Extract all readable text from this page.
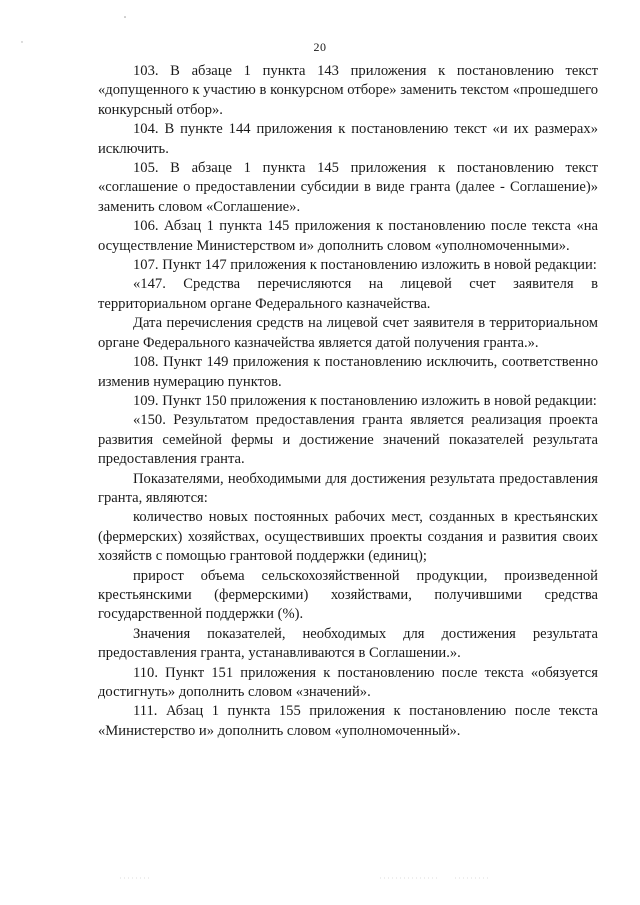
20

103. В абзаце 1 пункта 143 приложения к постановлению текст «допущенного к участию в конкурсном отборе» заменить текстом «прошедшего конкурсный отбор».

104. В пункте 144 приложения к постановлению текст «и их размерах» исключить.

105. В абзаце 1 пункта 145 приложения к постановлению текст «соглашение о предоставлении субсидии в виде гранта (далее - Соглашение)» заменить словом «Соглашение».

106. Абзац 1 пункта 145 приложения к постановлению после текста «на осуществление Министерством и» дополнить словом «уполномоченными».

107. Пункт 147 приложения к постановлению изложить в новой редакции:

«147. Средства перечисляются на лицевой счет заявителя в территориальном органе Федерального казначейства.

Дата перечисления средств на лицевой счет заявителя в территориальном органе Федерального казначейства является датой получения гранта.».

108. Пункт 149 приложения к постановлению исключить, соответственно изменив нумерацию пунктов.

109. Пункт 150 приложения к постановлению изложить в новой редакции:

«150. Результатом предоставления гранта является реализация проекта развития семейной фермы и достижение значений показателей результата предоставления гранта.

Показателями, необходимыми для достижения результата предоставления гранта, являются:

количество новых постоянных рабочих мест, созданных в крестьянских (фермерских) хозяйствах, осуществивших проекты создания и развития своих хозяйств с помощью грантовой поддержки (единиц);

прирост объема сельскохозяйственной продукции, произведенной крестьянскими (фермерскими) хозяйствами, получившими средства государственной поддержки (%).

Значения показателей, необходимых для достижения результата предоставления гранта, устанавливаются в Соглашении.».

110. Пункт 151 приложения к постановлению после текста «обязуется достигнуть» дополнить словом «значений».

111. Абзац 1 пункта 155 приложения к постановлению после текста «Министерство и» дополнить словом «уполномоченный».
